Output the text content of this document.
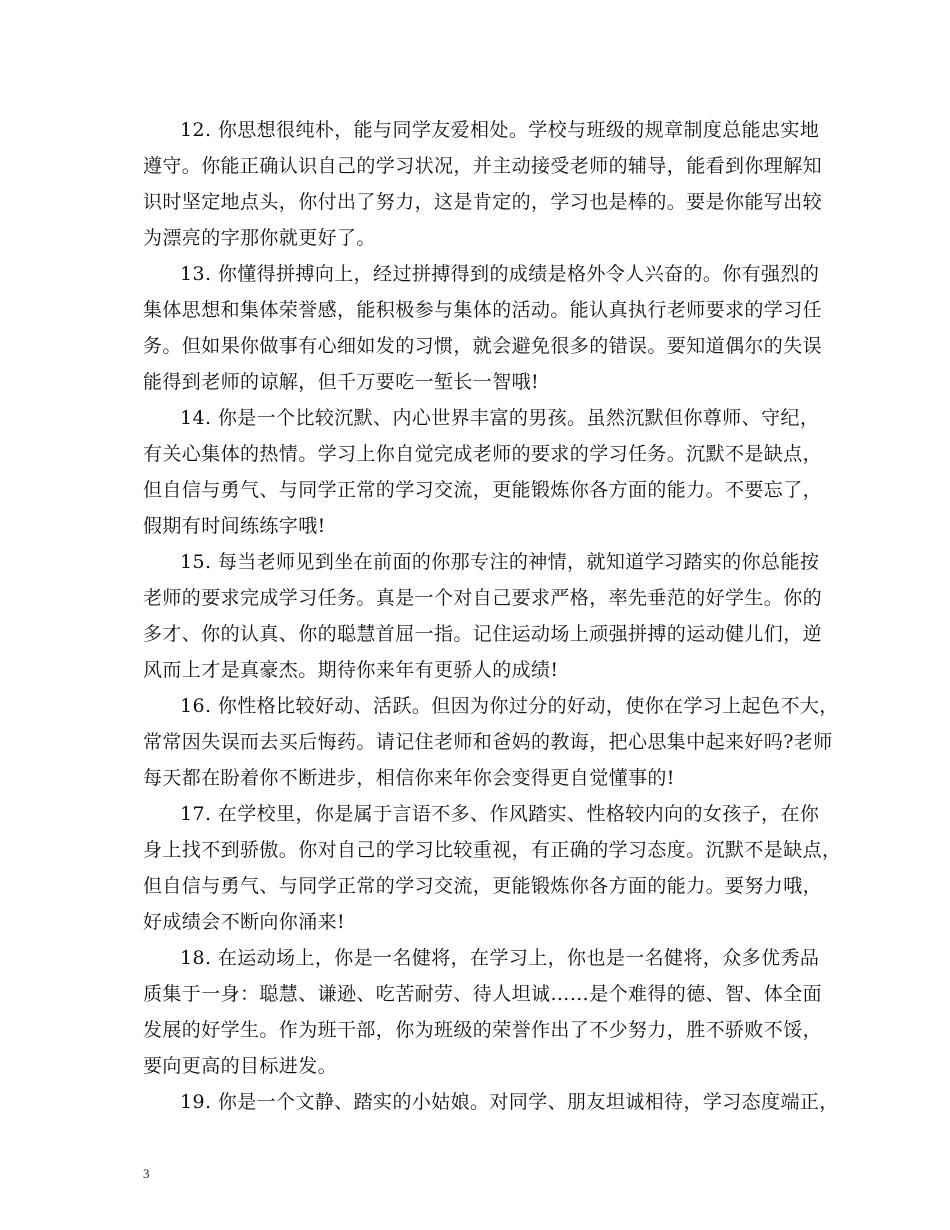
12. 你思想很纯朴，能与同学友爱相处。学校与班级的规章制度总能忠实地
遵守。你能正确认识自己的学习状况，并主动接受老师的辅导，能看到你理解知
识时坚定地点头，你付出了努力，这是肯定的，学习也是棒的。要是你能写出较
为漂亮的字那你就更好了。
13. 你懂得拼搏向上，经过拼搏得到的成绩是格外令人兴奋的。你有强烈的
集体思想和集体荣誉感，能积极参与集体的活动。能认真执行老师要求的学习任
务。但如果你做事有心细如发的习惯，就会避免很多的错误。要知道偶尔的失误
能得到老师的谅解，但千万要吃一堑长一智哦!
14. 你是一个比较沉默、内心世界丰富的男孩。虽然沉默但你尊师、守纪，
有关心集体的热情。学习上你自觉完成老师的要求的学习任务。沉默不是缺点，
但自信与勇气、与同学正常的学习交流，更能锻炼你各方面的能力。不要忘了，
假期有时间练练字哦!
15. 每当老师见到坐在前面的你那专注的神情，就知道学习踏实的你总能按
老师的要求完成学习任务。真是一个对自己要求严格，率先垂范的好学生。你的
多才、你的认真、你的聪慧首屈一指。记住运动场上顽强拼搏的运动健儿们，逆
风而上才是真豪杰。期待你来年有更骄人的成绩!
16. 你性格比较好动、活跃。但因为你过分的好动，使你在学习上起色不大，
常常因失误而去买后悔药。请记住老师和爸妈的教诲，把心思集中起来好吗?老师
每天都在盼着你不断进步，相信你来年你会变得更自觉懂事的!
17. 在学校里，你是属于言语不多、作风踏实、性格较内向的女孩子，在你
身上找不到骄傲。你对自己的学习比较重视，有正确的学习态度。沉默不是缺点，
但自信与勇气、与同学正常的学习交流，更能锻炼你各方面的能力。要努力哦，
好成绩会不断向你涌来!
18. 在运动场上，你是一名健将，在学习上，你也是一名健将，众多优秀品
质集于一身：聪慧、谦逊、吃苦耐劳、待人坦诚……是个难得的德、智、体全面
发展的好学生。作为班干部，你为班级的荣誉作出了不少努力，胜不骄败不馁，
要向更高的目标进发。
19. 你是一个文静、踏实的小姑娘。对同学、朋友坦诚相待，学习态度端正，
3
